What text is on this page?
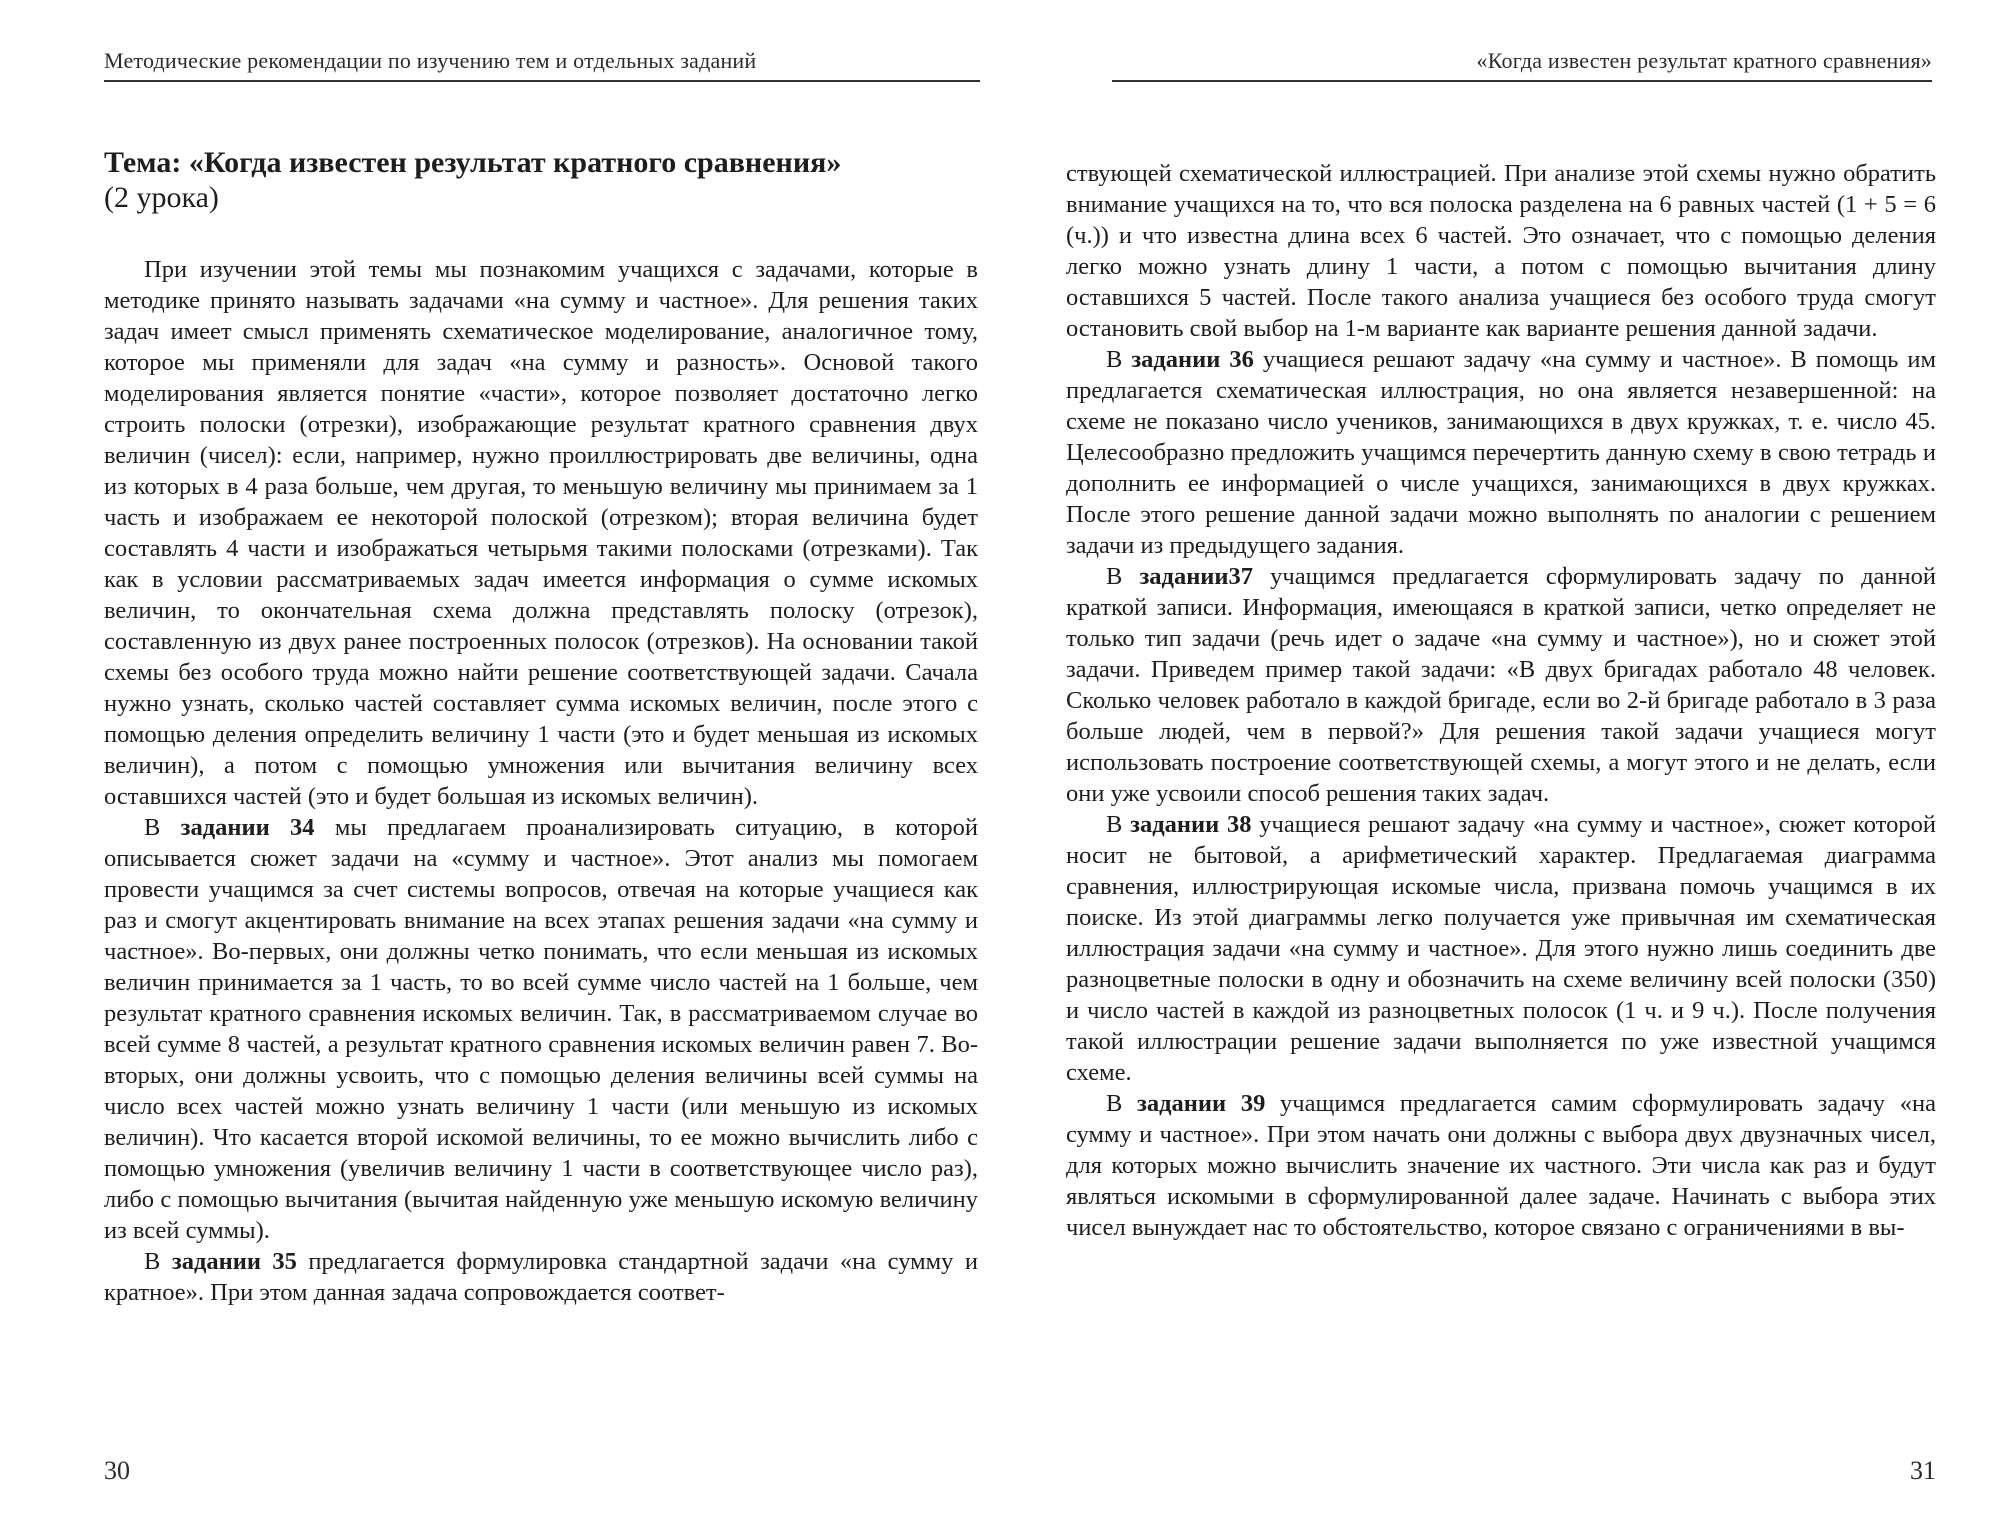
Методические рекомендации по изучению тем и отдельных заданий

Тема: «Когда известен результат кратного сравнения»

(2 урока)

При изучении этой темы мы познакомим учащихся с задачами, которые в методике принято называть задачами «на сумму и частное». Для решения таких задач имеет смысл применять схематическое моделирование, аналогичное тому, которое мы применяли для задач «на сумму и разность». Основой такого моделирования является понятие «части», которое позволяет достаточно легко строить полоски (отрезки), изображающие результат кратного сравнения двух величин (чисел): если, например, нужно проиллюстрировать две величины, одна из которых в 4 раза больше, чем другая, то меньшую величину мы принимаем за 1 часть и изображаем ее некоторой полоской (отрезком); вторая величина будет составлять 4 части и изображаться четырьмя такими полосками (отрезками). Так как в условии рассматриваемых задач имеется информация о сумме искомых величин, то окончательная схема должна представлять полоску (отрезок), составленную из двух ранее построенных полосок (отрезков). На основании такой схемы без особого труда можно найти решение соответствующей задачи. Сачала нужно узнать, сколько частей составляет сумма искомых величин, после этого с помощью деления определить величину 1 части (это и будет меньшая из искомых величин), а потом с помощью умножения или вычитания величину всех оставшихся частей (это и будет большая из искомых величин).

В задании 34 мы предлагаем проанализировать ситуацию, в которой описывается сюжет задачи на «сумму и частное». Этот анализ мы помогаем провести учащимся за счет системы вопросов, отвечая на которые учащиеся как раз и смогут акцентировать внимание на всех этапах решения задачи «на сумму и частное». Во-первых, они должны четко понимать, что если меньшая из искомых величин принимается за 1 часть, то во всей сумме число частей на 1 больше, чем результат кратного сравнения искомых величин. Так, в рассматриваемом случае во всей сумме 8 частей, а результат кратного сравнения искомых величин равен 7. Во-вторых, они должны усвоить, что с помощью деления величины всей суммы на число всех частей можно узнать величину 1 части (или меньшую из искомых величин). Что касается второй искомой величины, то ее можно вычислить либо с помощью умножения (увеличив величину 1 части в соответствующее число раз), либо с помощью вычитания (вычитая найденную уже меньшую искомую величину из всей суммы).

В задании 35 предлагается формулировка стандартной задачи «на сумму и кратное». При этом данная задача сопровождается соответ-

30
«Когда известен результат кратного сравнения»

ствующей схематической иллюстрацией. При анализе этой схемы нужно обратить внимание учащихся на то, что вся полоска разделена на 6 равных частей (1 + 5 = 6 (ч.)) и что известна длина всех 6 частей. Это означает, что с помощью деления легко можно узнать длину 1 части, а потом с помощью вычитания длину оставшихся 5 частей. После такого анализа учащиеся без особого труда смогут остановить свой выбор на 1-м варианте как варианте решения данной задачи.

В задании 36 учащиеся решают задачу «на сумму и частное». В помощь им предлагается схематическая иллюстрация, но она является незавершенной: на схеме не показано число учеников, занимающихся в двух кружках, т. е. число 45. Целесообразно предложить учащимся перечертить данную схему в свою тетрадь и дополнить ее информацией о числе учащихся, занимающихся в двух кружках. После этого решение данной задачи можно выполнять по аналогии с решением задачи из предыдущего задания.

В задании37 учащимся предлагается сформулировать задачу по данной краткой записи. Информация, имеющаяся в краткой записи, четко определяет не только тип задачи (речь идет о задаче «на сумму и частное»), но и сюжет этой задачи. Приведем пример такой задачи: «В двух бригадах работало 48 человек. Сколько человек работало в каждой бригаде, если во 2-й бригаде работало в 3 раза больше людей, чем в первой?» Для решения такой задачи учащиеся могут использовать построение соответствующей схемы, а могут этого и не делать, если они уже усвоили способ решения таких задач.

В задании 38 учащиеся решают задачу «на сумму и частное», сюжет которой носит не бытовой, а арифметический характер. Предлагаемая диаграмма сравнения, иллюстрирующая искомые числа, призвана помочь учащимся в их поиске. Из этой диаграммы легко получается уже привычная им схематическая иллюстрация задачи «на сумму и частное». Для этого нужно лишь соединить две разноцветные полоски в одну и обозначить на схеме величину всей полоски (350) и число частей в каждой из разноцветных полосок (1 ч. и 9 ч.). После получения такой иллюстрации решение задачи выполняется по уже известной учащимся схеме.

В задании 39 учащимся предлагается самим сформулировать задачу «на сумму и частное». При этом начать они должны с выбора двух двузначных чисел, для которых можно вычислить значение их частного. Эти числа как раз и будут являться искомыми в сформулированной далее задаче. Начинать с выбора этих чисел вынуждает нас то обстоятельство, которое связано с ограничениями в вы-

31
